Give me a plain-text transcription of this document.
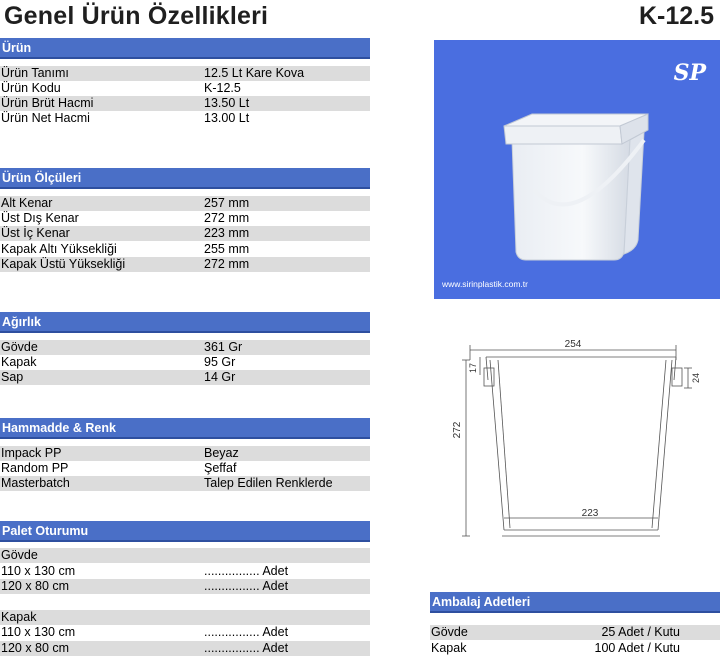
Genel Ürün Özellikleri	K-12.5
Ürün
Ürün Tanımı	12.5 Lt Kare Kova
Ürün Kodu	K-12.5
Ürün Brüt Hacmi	13.50 Lt
Ürün Net Hacmi	13.00 Lt
Ürün Ölçüleri
Alt Kenar	257 mm
Üst Dış Kenar	272 mm
Üst İç Kenar	223 mm
Kapak Altı Yüksekliği	255 mm
Kapak Üstü Yüksekliği	272 mm
Ağırlık
Gövde	361 Gr
Kapak	95 Gr
Sap	14 Gr
Hammadde & Renk
Impack PP	Beyaz
Random PP	Şeffaf
Masterbatch	Talep Edilen Renklerde
Palet Oturumu
Gövde
110 x 130 cm	................ Adet
120 x 80 cm	................ Adet
Kapak
110 x 130 cm	................ Adet
120 x 80 cm	................ Adet
SP
www.sirinplastik.com.tr
254
223
272
17
24
Ambalaj Adetleri
Gövde	25 Adet / Kutu
Kapak	100 Adet / Kutu
